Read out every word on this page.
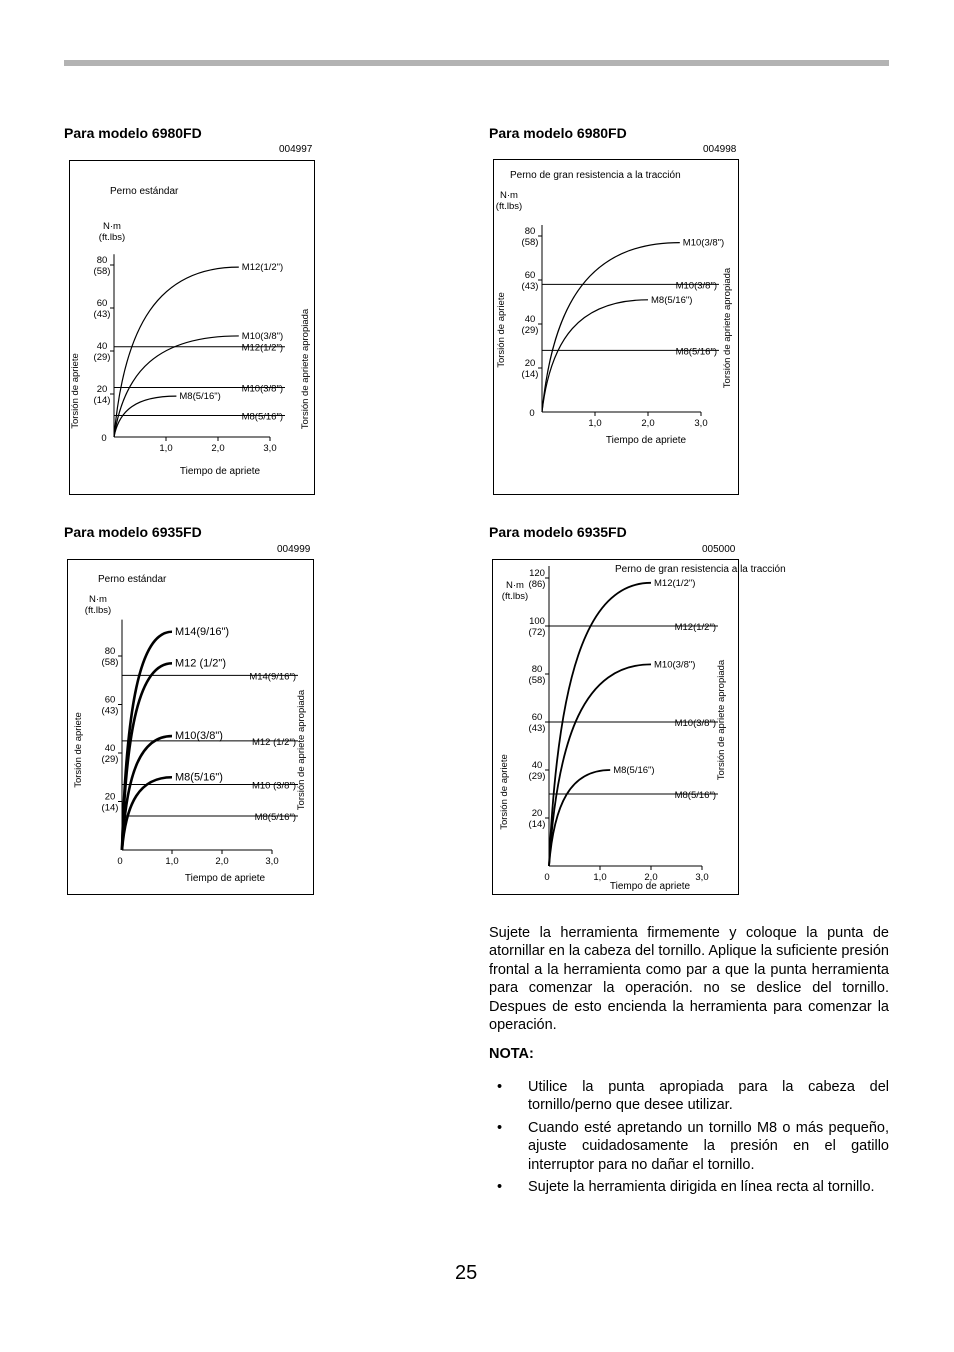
Para modelo 6980FD	Para modelo 6980FD
Para modelo 6935FD	Para modelo 6935FD
004997	004998
004999	005000
Perno estándar
N·m
(ft.lbs)
0
20
(14)
40
(29)
60
(43)
80
(58)
1,0	2,0	3,0
Tiempo de apriete
Torsión de apriete	Torsión de apriete apropiada
M12(1/2")
M10(3/8")
M8(5/16")
M12(1/2")
M10(3/8")
M8(5/16")
Perno de gran resistencia a la tracción
N·m
(ft.lbs)
0
20
(14)
40
(29)
60
(43)
80
(58)
1,0	2,0	3,0
Tiempo de apriete
Torsión de apriete	Torsión de apriete apropiada
M10(3/8")
M8(5/16")
M10(3/8")
M8(5/16")
Perno estándar
N·m
(ft.lbs)
20
(14)
40
(29)
60
(43)
80
(58)
0	1,0	2,0	3,0
Tiempo de apriete
Torsión de apriete	Torsión de apriete apropiada
M14(9/16")
M12 (1/2")
M10 (3/8")
M8(5/16")
M14(9/16")
M12 (1/2")
M10(3/8")
M8(5/16")
Perno de gran resistencia a la tracción
N·m
(ft.lbs)
20
(14)
40
(29)
60
(43)
80
(58)
100
(72)
120
(86)
0	1,0	2,0	3,0
Tiempo de apriete
Torsión de apriete
Torsión de apriete apropiada
M12(1/2")
M10(3/8")
M8(5/16")
M12(1/2")
M10(3/8")
M8(5/16")
Sujete la herramienta firmemente y coloque la punta de atornillar en la cabeza del tornillo. Aplique la suficiente presión frontal a la herramienta como par a que la punta herramienta para comenzar la operación. no se deslice del tornillo. Despues de esto encienda la herramienta para comenzar la operación.
NOTA:
• Utilice la punta apropiada para la cabeza del tornillo/perno que desee utilizar.
• Cuando esté apretando un tornillo M8 o más pequeño, ajuste cuidadosamente la presión en el gatillo interruptor para no dañar el tornillo.
• Sujete la herramienta dirigida en línea recta al tornillo.
25
